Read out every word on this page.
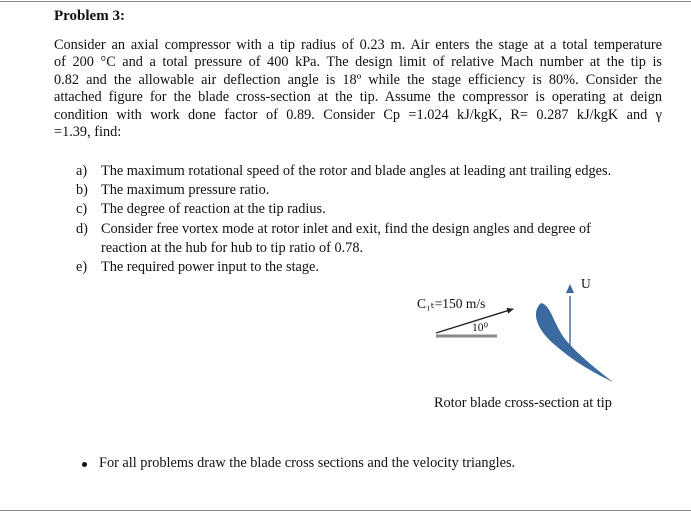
Problem 3:
Consider an axial compressor with a tip radius of 0.23 m. Air enters the stage at a total temperature
of 200 °C and a total pressure of 400 kPa. The design limit of relative Mach number at the tip is
0.82 and the allowable air deflection angle is 18º while the stage efficiency is 80%. Consider the
attached figure for the blade cross-section at the tip. Assume the compressor is operating at deign
condition with work done factor of 0.89. Consider Cp =1.024 kJ/kgK, R= 0.287 kJ/kgK and γ
=1.39, find:
a) The maximum rotational speed of the rotor and blade angles at leading ant trailing edges.
b) The maximum pressure ratio.
c) The degree of reaction at the tip radius.
d) Consider free vortex mode at rotor inlet and exit, find the design angles and degree of
reaction at the hub for hub to tip ratio of 0.78.
e) The required power input to the stage.
C₁ₜ=150 m/s
10⁰
U
Rotor blade cross-section at tip
For all problems draw the blade cross sections and the velocity triangles.
